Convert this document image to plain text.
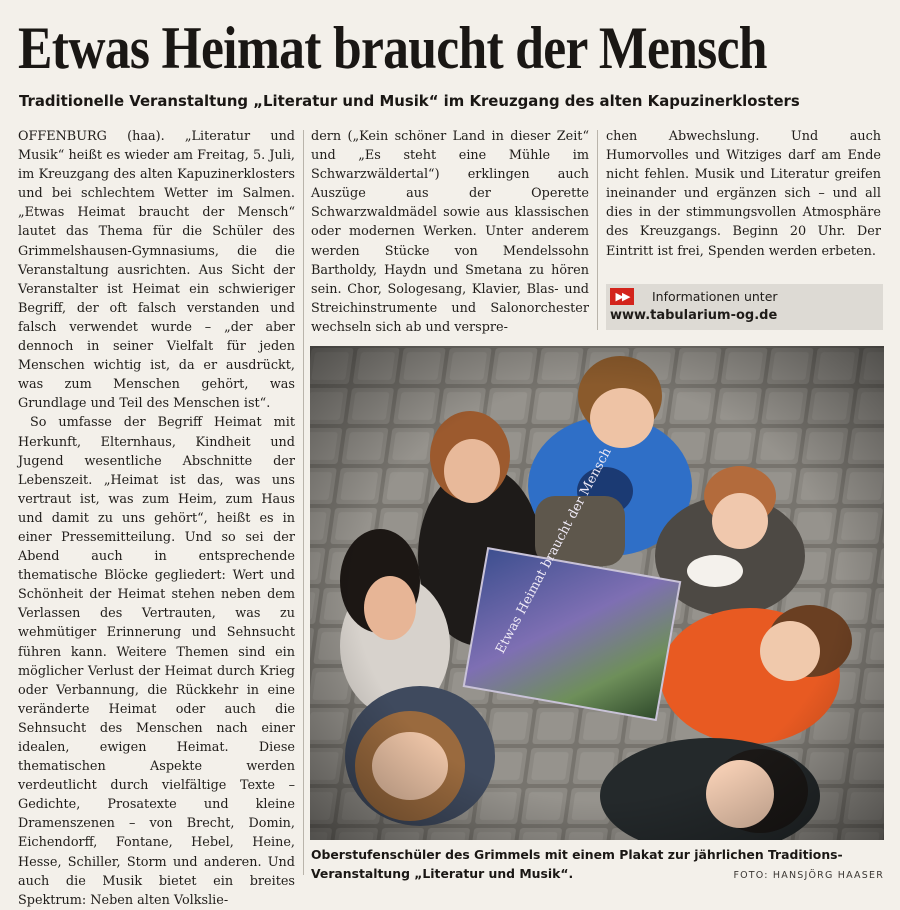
Etwas Heimat braucht der Mensch
Traditionelle Veranstaltung „Literatur und Musik“ im Kreuzgang des alten Kapuzinerklosters

OFFENBURG (haa). „Literatur und Musik“ heißt es wieder am Freitag, 5. Juli, im Kreuzgang des alten Kapuzinerklosters und bei schlechtem Wetter im Salmen. „Etwas Heimat braucht der Mensch“ lautet das Thema für die Schüler des Grimmelshausen-Gymnasiums, die die Veranstaltung ausrichten. Aus Sicht der Veranstalter ist Heimat ein schwieriger Begriff, der oft falsch verstanden und falsch verwendet wurde – „der aber dennoch in seiner Vielfalt für jeden Menschen wichtig ist, da er ausdrückt, was zum Menschen gehört, was Grundlage und Teil des Menschen ist“.

So umfasse der Begriff Heimat mit Herkunft, Elternhaus, Kindheit und Jugend wesentliche Abschnitte der Lebenszeit. „Heimat ist das, was uns vertraut ist, was zum Heim, zum Haus und damit zu uns gehört“, heißt es in einer Pressemitteilung. Und so sei der Abend auch in entsprechende thematische Blöcke gegliedert: Wert und Schönheit der Heimat stehen neben dem Verlassen des Vertrauten, was zu wehmütiger Erinnerung und Sehnsucht führen kann. Weitere Themen sind ein möglicher Verlust der Heimat durch Krieg oder Verbannung, die Rückkehr in eine veränderte Heimat oder auch die Sehnsucht des Menschen nach einer idealen, ewigen Heimat. Diese thematischen Aspekte werden verdeutlicht durch vielfältige Texte – Gedichte, Prosatexte und kleine Dramenszenen – von Brecht, Domin, Eichendorff, Fontane, Hebel, Heine, Hesse, Schiller, Storm und anderen. Und auch die Musik bietet ein breites Spektrum: Neben alten Volkslie-

dern („Kein schöner Land in dieser Zeit“ und „Es steht eine Mühle im Schwarzwäldertal“) erklingen auch Auszüge aus der Operette Schwarzwaldmädel sowie aus klassischen oder modernen Werken. Unter anderem werden Stücke von Mendelssohn Bartholdy, Haydn und Smetana zu hören sein. Chor, Sologesang, Klavier, Blas- und Streichinstrumente und Salonorchester wechseln sich ab und verspre-

chen Abwechslung. Und auch Humorvolles und Witziges darf am Ende nicht fehlen. Musik und Literatur greifen ineinander und ergänzen sich – und all dies in der stimmungsvollen Atmosphäre des Kreuzgangs. Beginn 20 Uhr. Der Eintritt ist frei, Spenden werden erbeten.

▶▶	Informationen unter
www.tabularium-og.de
Oberstufenschüler des Grimmels mit einem Plakat zur jährlichen Traditions-Veranstaltung „Literatur und Musik“.	FOTO: HANSJÖRG HAASER
